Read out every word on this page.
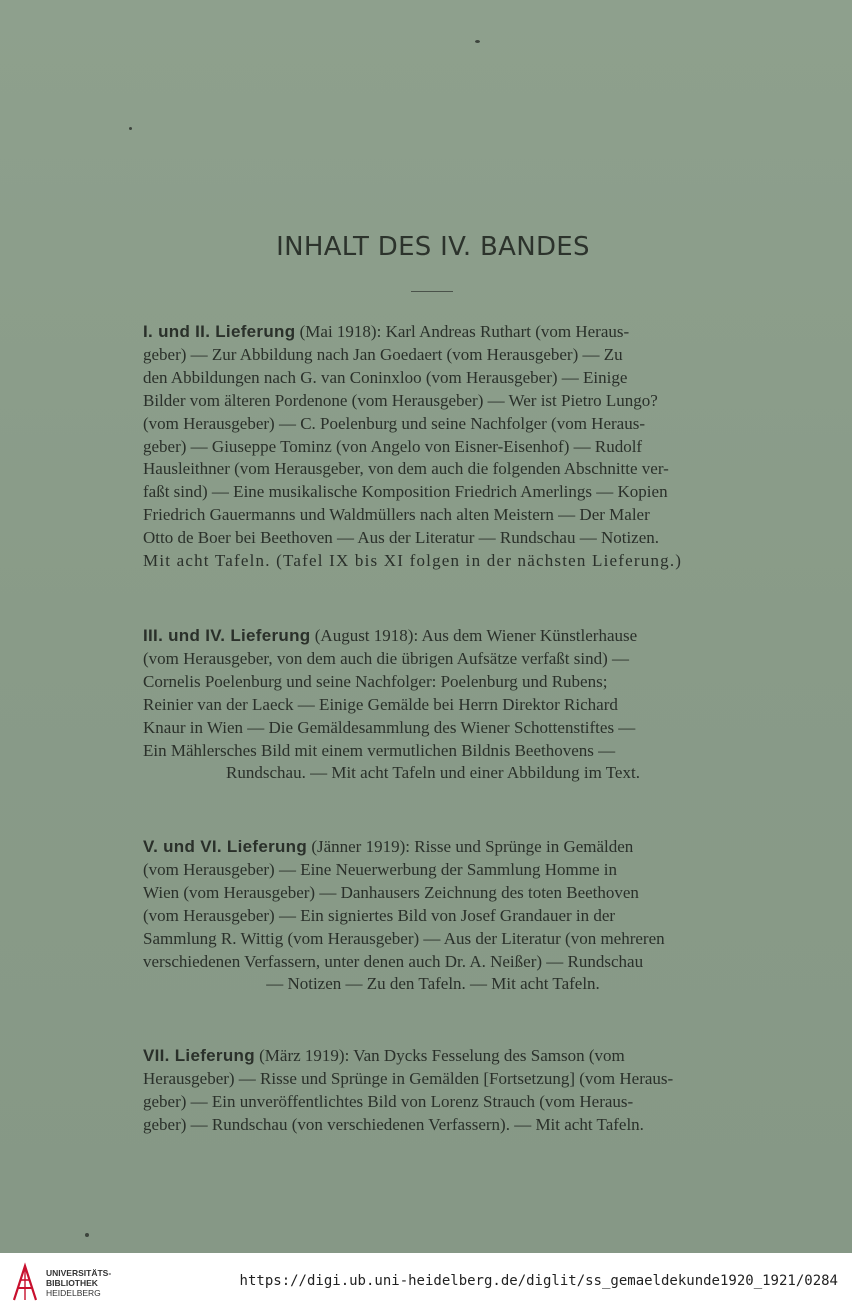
INHALT DES IV. BANDES
I. und II. Lieferung (Mai 1918): Karl Andreas Ruthart (vom Heraus-
geber) — Zur Abbildung nach Jan Goedaert (vom Herausgeber) — Zu
den Abbildungen nach G. van Coninxloo (vom Herausgeber) — Einige
Bilder vom älteren Pordenone (vom Herausgeber) — Wer ist Pietro Lungo?
(vom Herausgeber) — C. Poelenburg und seine Nachfolger (vom Heraus-
geber) — Giuseppe Tominz (von Angelo von Eisner-Eisenhof) — Rudolf
Hausleithner (vom Herausgeber, von dem auch die folgenden Abschnitte ver-
faßt sind) — Eine musikalische Komposition Friedrich Amerlings — Kopien
Friedrich Gauermanns und Waldmüllers nach alten Meistern — Der Maler
Otto de Boer bei Beethoven — Aus der Literatur — Rundschau — Notizen.
Mit acht Tafeln. (Tafel IX bis XI folgen in der nächsten Lieferung.)
III. und IV. Lieferung (August 1918): Aus dem Wiener Künstlerhause
(vom Herausgeber, von dem auch die übrigen Aufsätze verfaßt sind) —
Cornelis Poelenburg und seine Nachfolger: Poelenburg und Rubens;
Reinier van der Laeck — Einige Gemälde bei Herrn Direktor Richard
Knaur in Wien — Die Gemäldesammlung des Wiener Schottenstiftes —
Ein Mählersches Bild mit einem vermutlichen Bildnis Beethovens —
Rundschau. — Mit acht Tafeln und einer Abbildung im Text.
V. und VI. Lieferung (Jänner 1919): Risse und Sprünge in Gemälden
(vom Herausgeber) — Eine Neuerwerbung der Sammlung Homme in
Wien (vom Herausgeber) — Danhausers Zeichnung des toten Beethoven
(vom Herausgeber) — Ein signiertes Bild von Josef Grandauer in der
Sammlung R. Wittig (vom Herausgeber) — Aus der Literatur (von mehreren
verschiedenen Verfassern, unter denen auch Dr. A. Neißer) — Rundschau
— Notizen — Zu den Tafeln. — Mit acht Tafeln.
VII. Lieferung (März 1919): Van Dycks Fesselung des Samson (vom
Herausgeber) — Risse und Sprünge in Gemälden [Fortsetzung] (vom Heraus-
geber) — Ein unveröffentlichtes Bild von Lorenz Strauch (vom Heraus-
geber) — Rundschau (von verschiedenen Verfassern). — Mit acht Tafeln.
UNIVERSITÄTS-
BIBLIOTHEK
HEIDELBERG
https://digi.ub.uni-heidelberg.de/diglit/ss_gemaeldekunde1920_1921/0284
